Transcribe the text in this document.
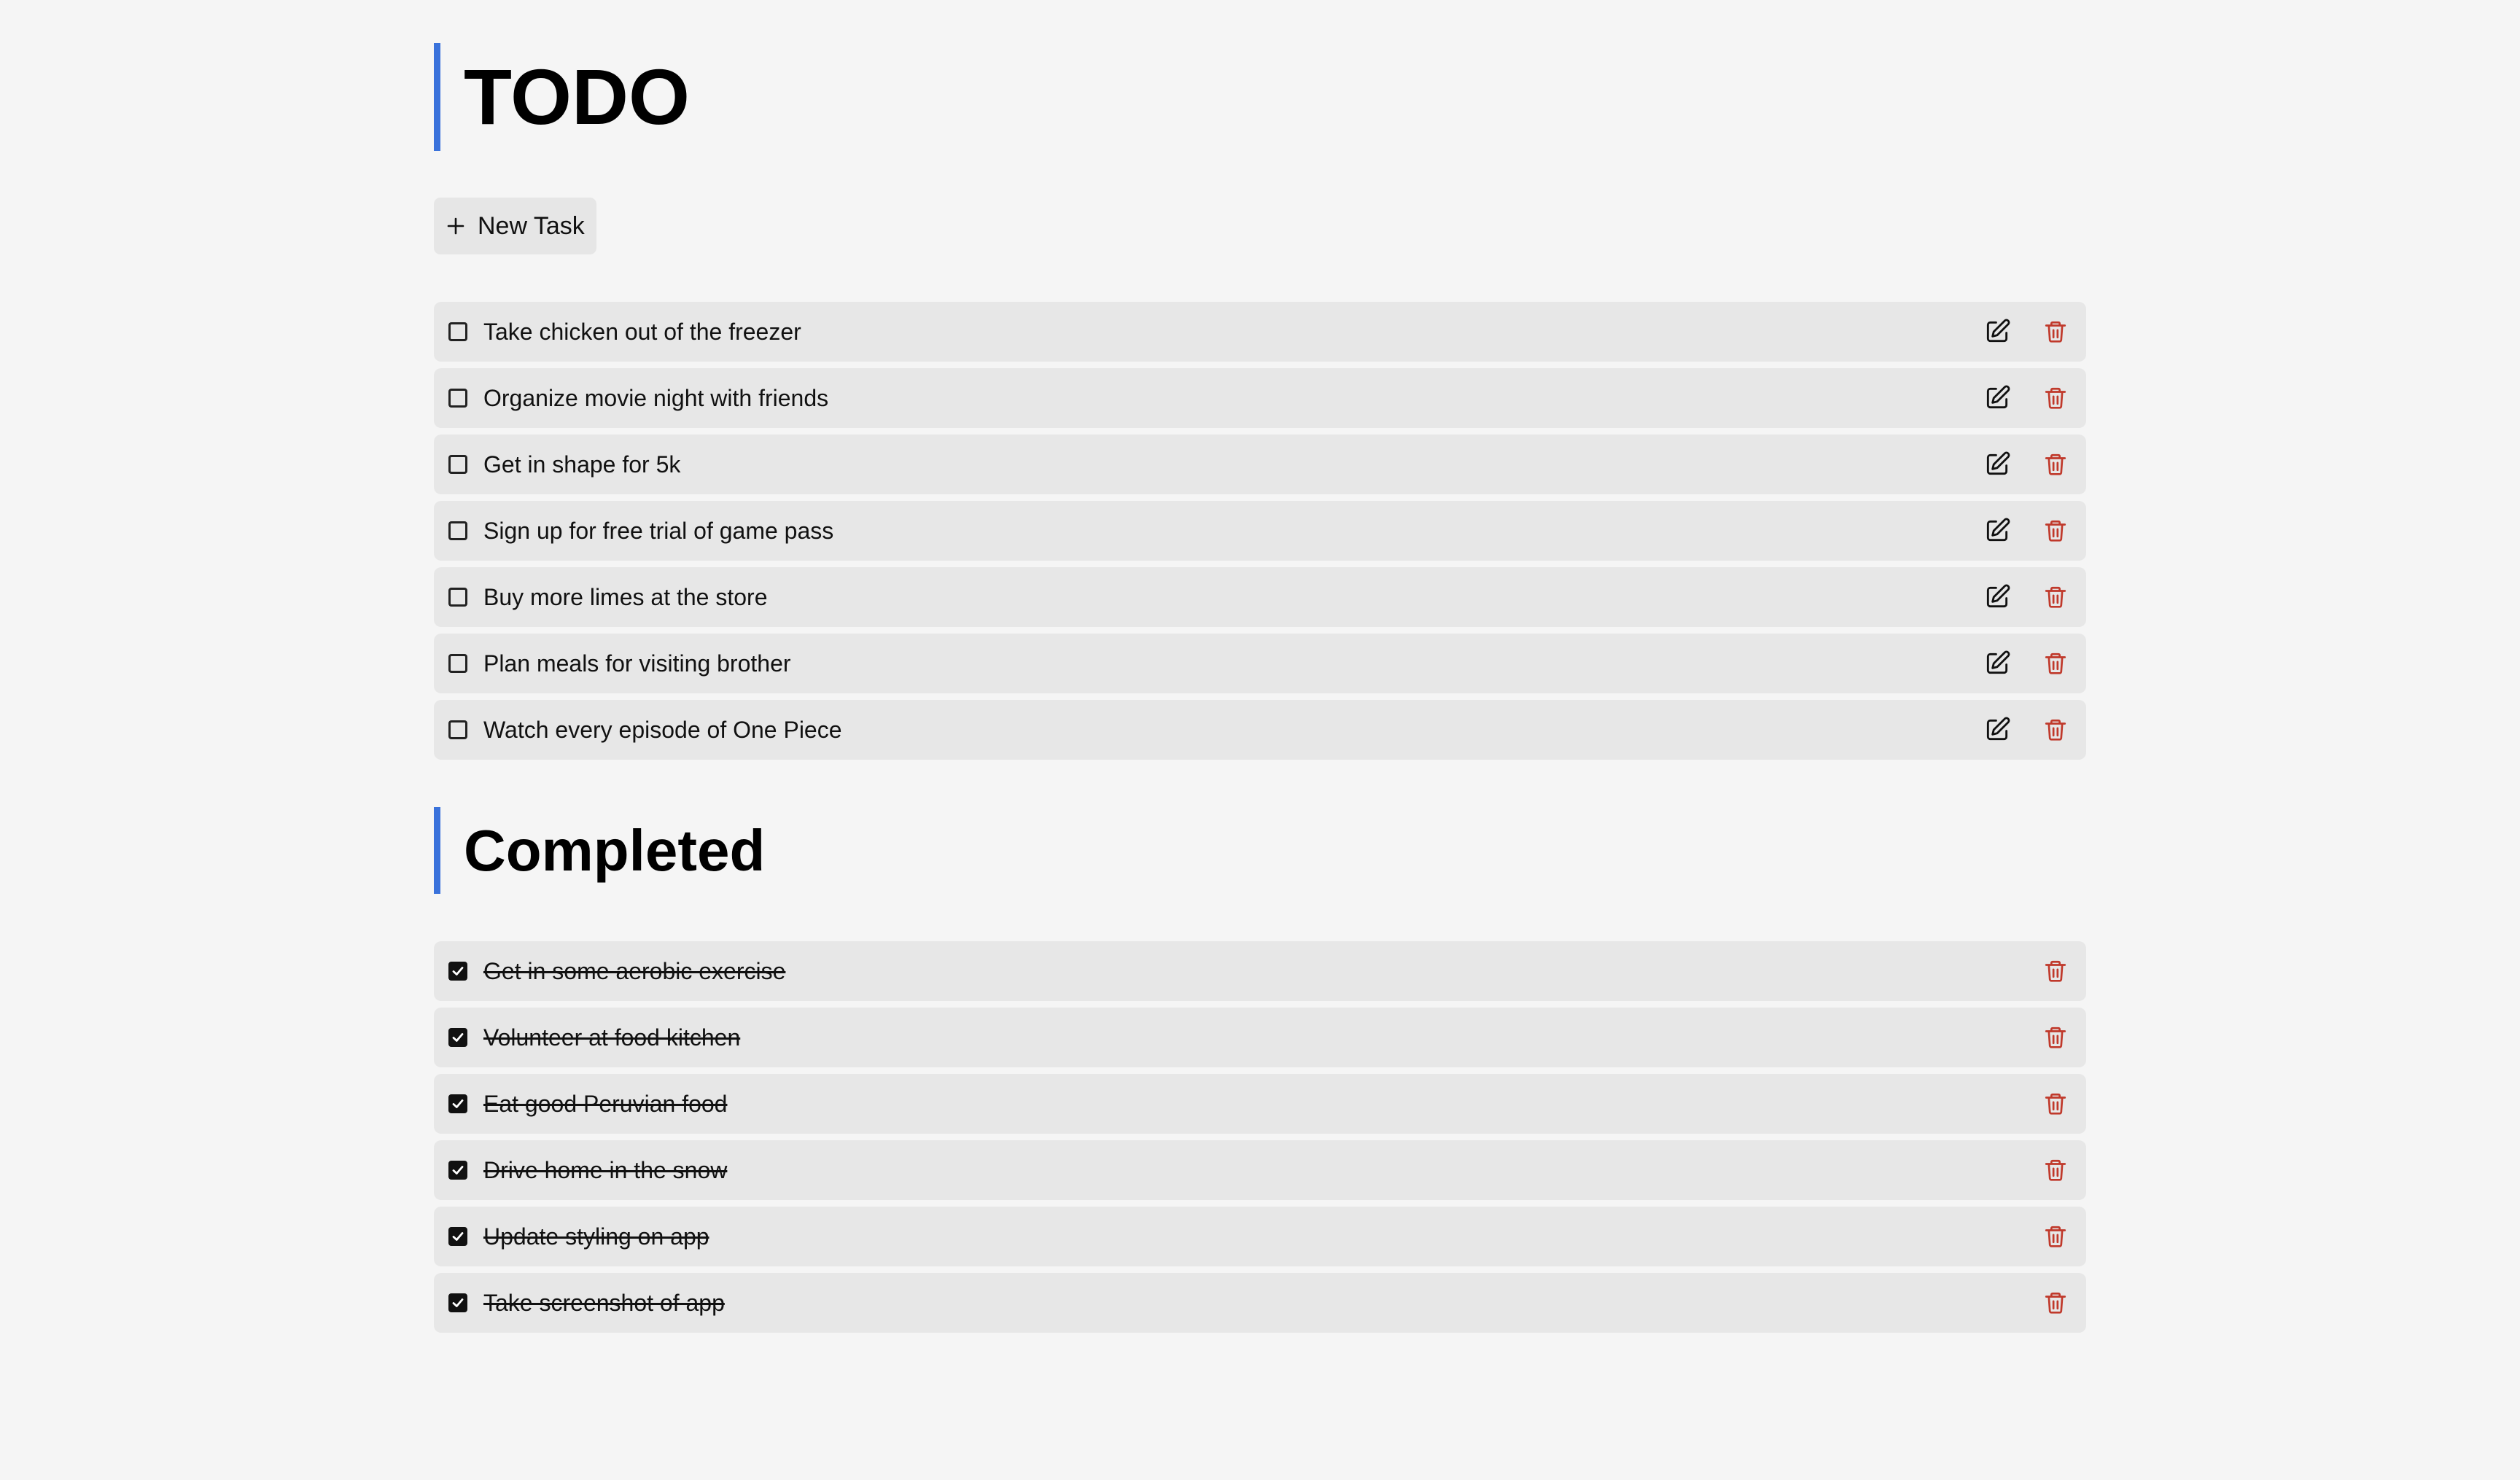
TODO
New Task
Take chicken out of the freezer
Organize movie night with friends
Get in shape for 5k
Sign up for free trial of game pass
Buy more limes at the store
Plan meals for visiting brother
Watch every episode of One Piece
Completed
Get in some aerobic exercise
Volunteer at food kitchen
Eat good Peruvian food
Drive home in the snow
Update styling on app
Take screenshot of app
